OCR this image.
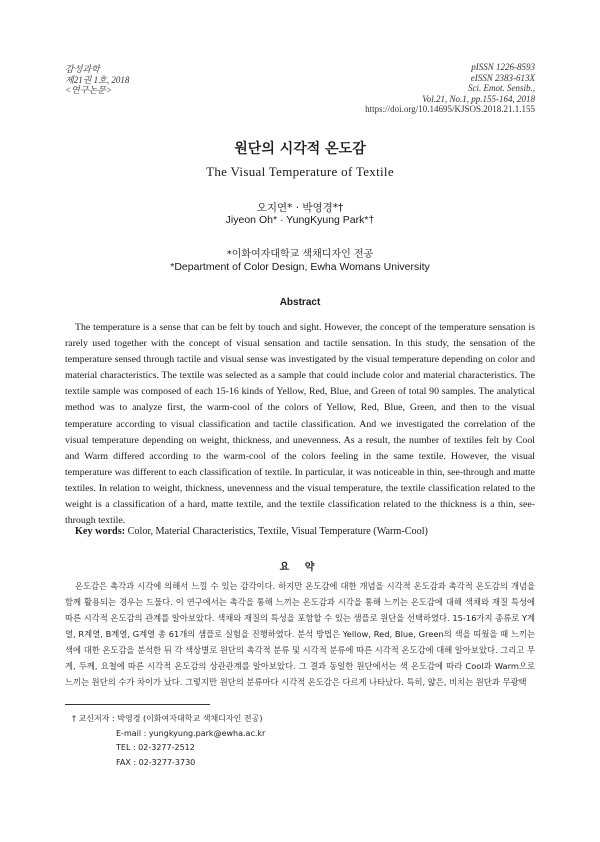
감성과학
제21권 1호, 2018
<연구논문>
pISSN 1226-8593
eISSN 2383-613X
Sci. Emot. Sensib.,
Vol.21, No.1, pp.155-164, 2018
https://doi.org/10.14695/KJSOS.2018.21.1.155
원단의 시각적 온도감
The Visual Temperature of Textile
오지연* · 박영경*†
Jiyeon Oh* · YungKyung Park*†
*이화여자대학교 색채디자인 전공
*Department of Color Design, Ewha Womans University
Abstract
The temperature is a sense that can be felt by touch and sight. However, the concept of the temperature sensation is rarely used together with the concept of visual sensation and tactile sensation. In this study, the sensation of the temperature sensed through tactile and visual sense was investigated by the visual temperature depending on color and material characteristics. The textile was selected as a sample that could include color and material characteristics. The textile sample was composed of each 15-16 kinds of Yellow, Red, Blue, and Green of total 90 samples. The analytical method was to analyze first, the warm-cool of the colors of Yellow, Red, Blue, Green, and then to the visual temperature according to visual classification and tactile classification. And we investigated the correlation of the visual temperature depending on weight, thickness, and unevenness. As a result, the number of textiles felt by Cool and Warm differed according to the warm-cool of the colors feeling in the same textile. However, the visual temperature was different to each classification of textile. In particular, it was noticeable in thin, see-through and matte textiles. In relation to weight, thickness, unevenness and the visual temperature, the textile classification related to the weight is a classification of a hard, matte textile, and the textile classification related to the thickness is a thin, see-through textile.
Key words: Color, Material Characteristics, Textile, Visual Temperature (Warm-Cool)
요 약
온도감은 촉각과 시각에 의해서 느낄 수 있는 감각이다. 하지만 온도감에 대한 개념을 시각적 온도감과 촉각적 온도감의 개념을 함께 활용되는 경우는 드물다. 이 연구에서는 촉각을 통해 느끼는 온도감과 시각을 통해 느끼는 온도감에 대해 색채와 재질 특성에 따른 시각적 온도감의 관계를 알아보았다. 색채와 재질의 특성을 포함할 수 있는 샘플로 원단을 선택하였다. 15-16가지 종류로 Y계열, R계열, B계열, G계열 총 61개의 샘플로 실험을 진행하였다. 분석 방법은 Yellow, Red, Blue, Green의 색을 띠웠을 때 느끼는 색에 대한 온도감을 분석한 뒤 각 색상별로 원단의 촉각적 분류 및 시각적 분류에 따른 시각적 온도감에 대해 알아보았다. 그리고 무게, 두께, 요철에 따른 시각적 온도감의 상관관계를 알아보았다. 그 결과 동일한 원단에서는 색 온도감에 따라 Cool과 Warm으로 느끼는 원단의 수가 차이가 났다. 그렇지만 원단의 분류마다 시각적 온도감은 다르게 나타났다. 특히, 얇은, 비치는 원단과 무광택
† 교신저자 : 박영경 (이화여자대학교 색채디자인 전공)
E-mail : yungkyung.park@ewha.ac.kr
TEL : 02-3277-2512
FAX : 02-3277-3730
